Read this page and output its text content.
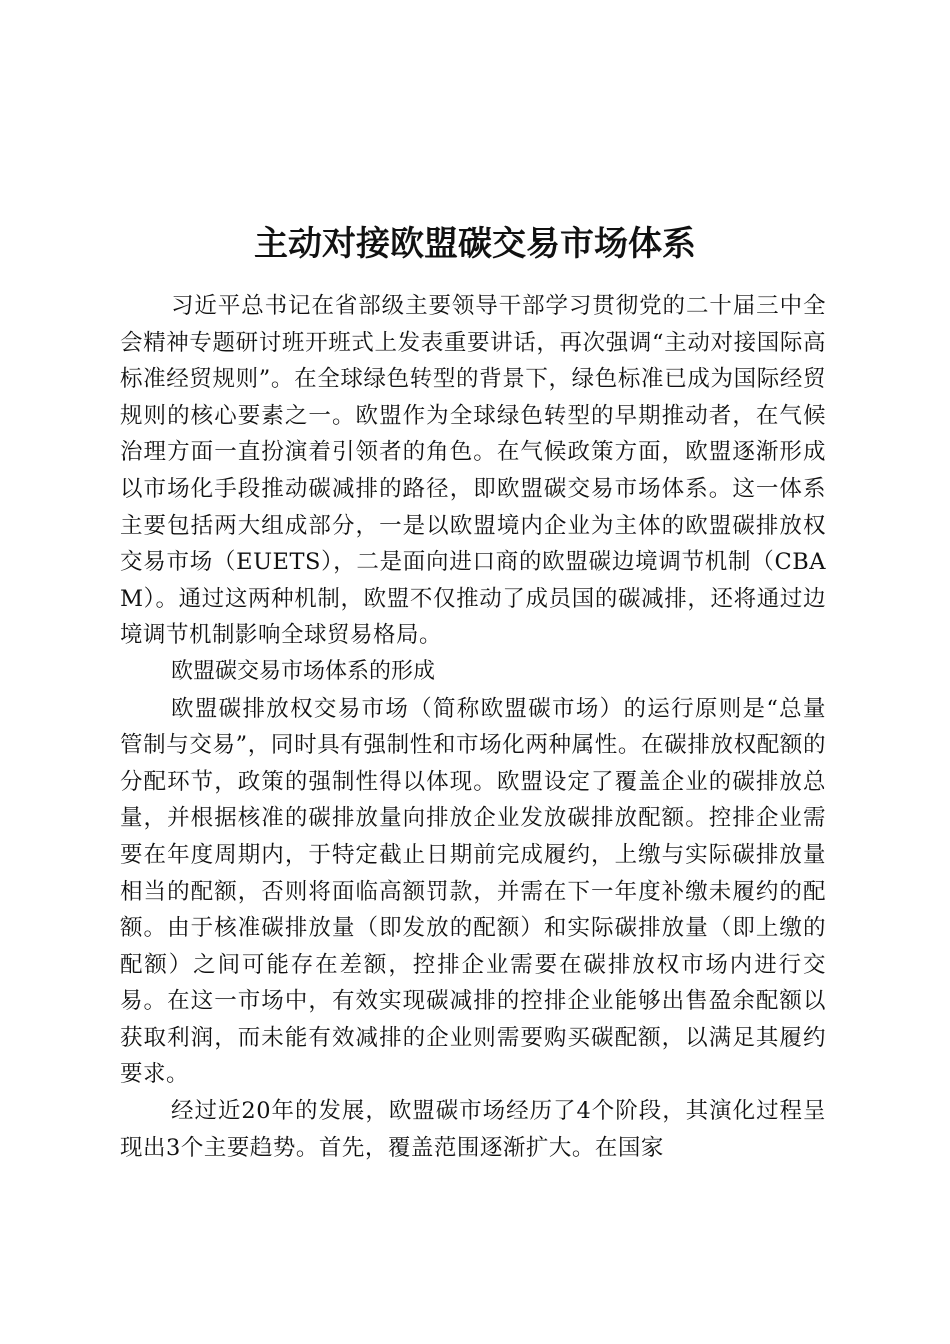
主动对接欧盟碳交易市场体系

习近平总书记在省部级主要领导干部学习贯彻党的二十届三中全会精神专题研讨班开班式上发表重要讲话，再次强调“主动对接国际高标准经贸规则”。在全球绿色转型的背景下，绿色标准已成为国际经贸规则的核心要素之一。欧盟作为全球绿色转型的早期推动者，在气候治理方面一直扮演着引领者的角色。在气候政策方面，欧盟逐渐形成以市场化手段推动碳减排的路径，即欧盟碳交易市场体系。这一体系主要包括两大组成部分，一是以欧盟境内企业为主体的欧盟碳排放权交易市场（EUETS），二是面向进口商的欧盟碳边境调节机制（CBAM）。通过这两种机制，欧盟不仅推动了成员国的碳减排，还将通过边境调节机制影响全球贸易格局。

欧盟碳交易市场体系的形成

欧盟碳排放权交易市场（简称欧盟碳市场）的运行原则是“总量管制与交易”，同时具有强制性和市场化两种属性。在碳排放权配额的分配环节，政策的强制性得以体现。欧盟设定了覆盖企业的碳排放总量，并根据核准的碳排放量向排放企业发放碳排放配额。控排企业需要在年度周期内，于特定截止日期前完成履约，上缴与实际碳排放量相当的配额，否则将面临高额罚款，并需在下一年度补缴未履约的配额。由于核准碳排放量（即发放的配额）和实际碳排放量（即上缴的配额）之间可能存在差额，控排企业需要在碳排放权市场内进行交易。在这一市场中，有效实现碳减排的控排企业能够出售盈余配额以获取利润，而未能有效减排的企业则需要购买碳配额，以满足其履约要求。

经过近20年的发展，欧盟碳市场经历了4个阶段，其演化过程呈现出3个主要趋势。首先，覆盖范围逐渐扩大。在国家
